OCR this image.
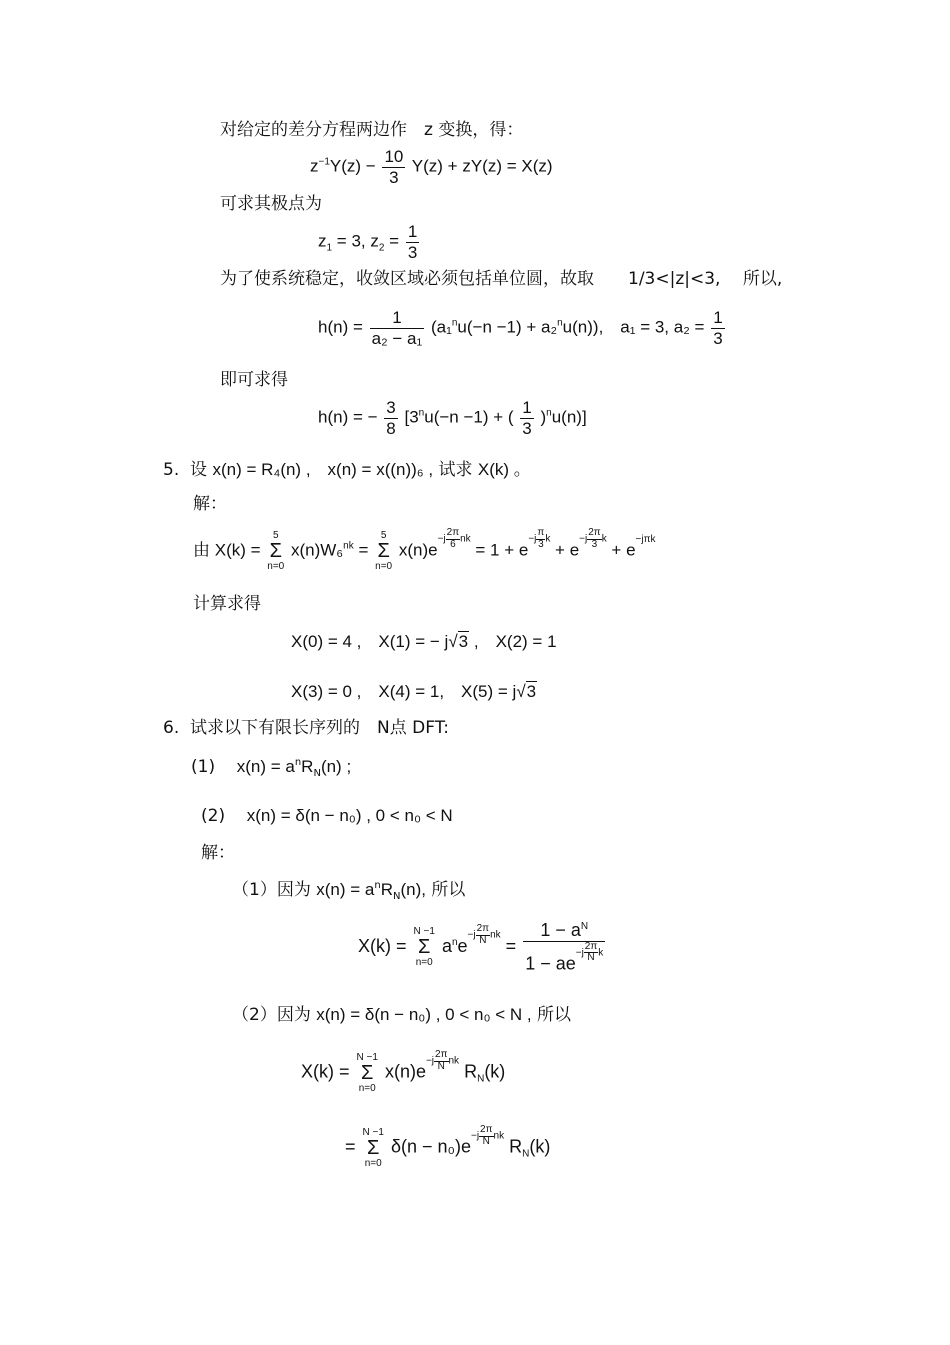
对给定的差分方程两边作　z 变换，得：
$z^{-1}Y(z) - \frac{10}{3} Y(z) + zY(z) = X(z)$
可求其极点为
$z_1 = 3$, $z_2 = \frac{1}{3}$
为了使系统稳定，收敛区域必须包括单位圆，故取　　1/3<|z|<3,　 所以,
$h(n) = \frac{1}{\text{a₂ − a₁}} (a_1^nu(-n -1) + a_2^nu(n))$,　a₁ = 3, $a_2 = \frac{1}{3}$
即可求得
h(n) = − $\frac{3}{8} [3^nu(-n -1)$ + ( $\frac{1}{3} )^nu(n)$]
5. 设 x(n) = R₄(n) ,　x(n) = x((n))₆ , 试求 X(k) 。
解：
由 X(k) =
5
Σ
n=0
x(n)W₆$^{nk}$ =
5
Σ
n=0
$x(n)e-j \frac{2\pi}{6}$ nk = $1 + e-j \frac{\pi}{3}$ $k + e-j \frac{2\pi}{3}$ k + e−jπk
计算求得
X(0) = 4 ,　X(1) = − j√3 ,　X(2) = 1
X(3) = 0 ,　X(4) = 1,　X(5) = j√3
6. 试求以下有限长序列的　N点 DFT:
(1) $x(n) = a^nR_N(n)$ ;
(2) x(n) = δ(n − n₀) , 0 < n₀ < N
解：
（1）因为 $x(n) = a^nR_N(n)$, 所以
X(k) =
N −1
Σ
n=0
$a^ne-j \frac{2\pi}{N}$ nk = $\frac{1 - a^N}{1 - ae-j \frac{2\pi}{N} k}$
（2）因为 x(n) = δ(n − n₀) , 0 < n₀ < N , 所以
X(k) =
N −1
Σ
n=0
$x(n)e-j \frac{2\pi}{N}$ nk $R_N(k)$
=
N −1
Σ
n=0
$\delta(n - n_0)e-j \frac{2\pi}{N}$ nk $R_N(k)$
